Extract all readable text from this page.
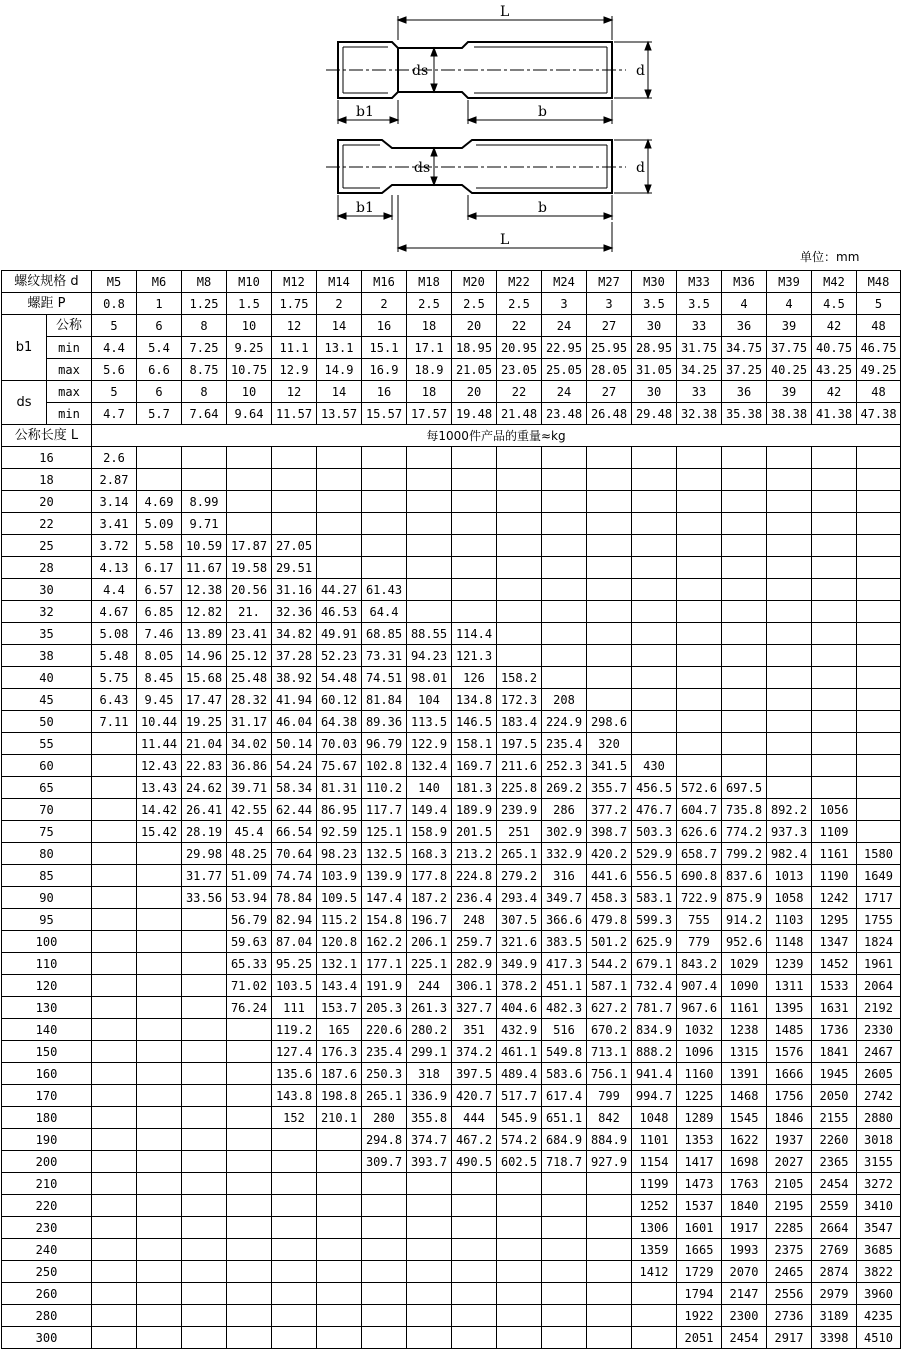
L
d
ds
b1	b
d
ds
b1	b
L
单位：mm
螺纹规格 d		M5	M6	M8	M10	M12	M14	M16	M18	M20	M22	M24	M27	M30	M33	M36	M39	M42	M48
螺距 P		0.8	1	1.25	1.5	1.75	2	2	2.5	2.5	2.5	3	3	3.5	3.5	4	4	4.5	5
b1	公称	5	6	8	10	12	14	16	18	20	22	24	27	30	33	36	39	42	48
	min	4.4	5.4	7.25	9.25	11.1	13.1	15.1	17.1	18.95	20.95	22.95	25.95	28.95	31.75	34.75	37.75	40.75	46.75
	max	5.6	6.6	8.75	10.75	12.9	14.9	16.9	18.9	21.05	23.05	25.05	28.05	31.05	34.25	37.25	40.25	43.25	49.25
ds	max	5	6	8	10	12	14	16	18	20	22	24	27	30	33	36	39	42	48
	min	4.7	5.7	7.64	9.64	11.57	13.57	15.57	17.57	19.48	21.48	23.48	26.48	29.48	32.38	35.38	38.38	41.38	47.38
公称长度 L		每1000件产品的重量≈kg																	
16		2.6																	
18		2.87																	
20		3.14	4.69	8.99															
22		3.41	5.09	9.71															
25		3.72	5.58	10.59	17.87	27.05													
28		4.13	6.17	11.67	19.58	29.51													
30		4.4	6.57	12.38	20.56	31.16	44.27	61.43											
32		4.67	6.85	12.82	21.	32.36	46.53	64.4											
35		5.08	7.46	13.89	23.41	34.82	49.91	68.85	88.55	114.4									
38		5.48	8.05	14.96	25.12	37.28	52.23	73.31	94.23	121.3									
40		5.75	8.45	15.68	25.48	38.92	54.48	74.51	98.01	126	158.2								
45		6.43	9.45	17.47	28.32	41.94	60.12	81.84	104	134.8	172.3	208							
50		7.11	10.44	19.25	31.17	46.04	64.38	89.36	113.5	146.5	183.4	224.9	298.6						
55			11.44	21.04	34.02	50.14	70.03	96.79	122.9	158.1	197.5	235.4	320						
60			12.43	22.83	36.86	54.24	75.67	102.8	132.4	169.7	211.6	252.3	341.5	430					
65			13.43	24.62	39.71	58.34	81.31	110.2	140	181.3	225.8	269.2	355.7	456.5	572.6	697.5			
70			14.42	26.41	42.55	62.44	86.95	117.7	149.4	189.9	239.9	286	377.2	476.7	604.7	735.8	892.2	1056	
75			15.42	28.19	45.4	66.54	92.59	125.1	158.9	201.5	251	302.9	398.7	503.3	626.6	774.2	937.3	1109	
80				29.98	48.25	70.64	98.23	132.5	168.3	213.2	265.1	332.9	420.2	529.9	658.7	799.2	982.4	1161	1580
85				31.77	51.09	74.74	103.9	139.9	177.8	224.8	279.2	316	441.6	556.5	690.8	837.6	1013	1190	1649
90				33.56	53.94	78.84	109.5	147.4	187.2	236.4	293.4	349.7	458.3	583.1	722.9	875.9	1058	1242	1717
95					56.79	82.94	115.2	154.8	196.7	248	307.5	366.6	479.8	599.3	755	914.2	1103	1295	1755
100					59.63	87.04	120.8	162.2	206.1	259.7	321.6	383.5	501.2	625.9	779	952.6	1148	1347	1824
110					65.33	95.25	132.1	177.1	225.1	282.9	349.9	417.3	544.2	679.1	843.2	1029	1239	1452	1961
120					71.02	103.5	143.4	191.9	244	306.1	378.2	451.1	587.1	732.4	907.4	1090	1311	1533	2064
130					76.24	111	153.7	205.3	261.3	327.7	404.6	482.3	627.2	781.7	967.6	1161	1395	1631	2192
140						119.2	165	220.6	280.2	351	432.9	516	670.2	834.9	1032	1238	1485	1736	2330
150						127.4	176.3	235.4	299.1	374.2	461.1	549.8	713.1	888.2	1096	1315	1576	1841	2467
160						135.6	187.6	250.3	318	397.5	489.4	583.6	756.1	941.4	1160	1391	1666	1945	2605
170						143.8	198.8	265.1	336.9	420.7	517.7	617.4	799	994.7	1225	1468	1756	2050	2742
180						152	210.1	280	355.8	444	545.9	651.1	842	1048	1289	1545	1846	2155	2880
190								294.8	374.7	467.2	574.2	684.9	884.9	1101	1353	1622	1937	2260	3018
200								309.7	393.7	490.5	602.5	718.7	927.9	1154	1417	1698	2027	2365	3155
210														1199	1473	1763	2105	2454	3272
220														1252	1537	1840	2195	2559	3410
230														1306	1601	1917	2285	2664	3547
240														1359	1665	1993	2375	2769	3685
250														1412	1729	2070	2465	2874	3822
260															1794	2147	2556	2979	3960
280															1922	2300	2736	3189	4235
300															2051	2454	2917	3398	4510
